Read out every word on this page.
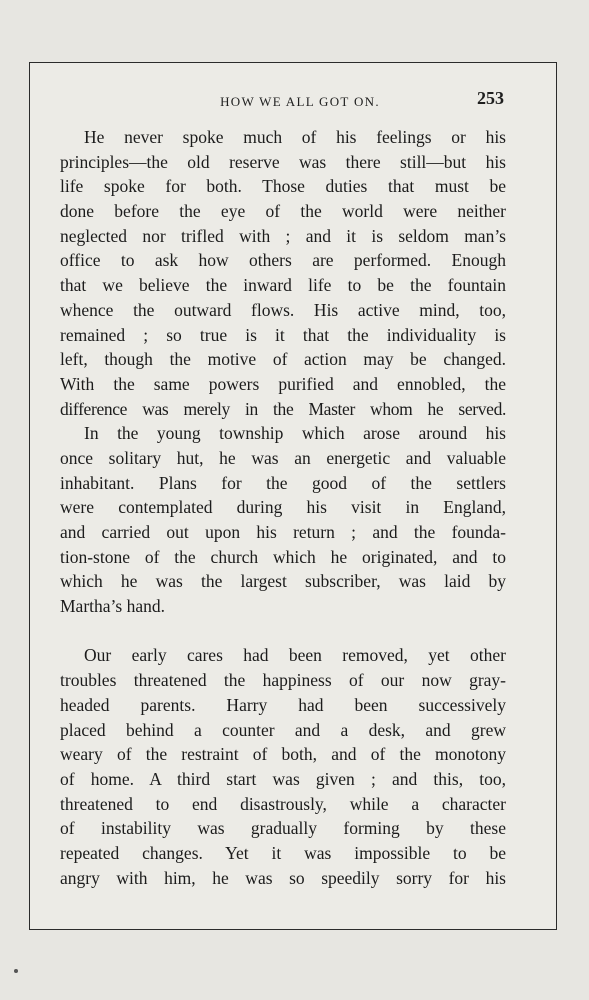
HOW WE ALL GOT ON.	253
He never spoke much of his feelings or his
principles—the old reserve was there still—but his
life spoke for both. Those duties that must be
done before the eye of the world were neither
neglected nor trifled with ; and it is seldom man’s
office to ask how others are performed. Enough
that we believe the inward life to be the fountain
whence the outward flows. His active mind, too,
remained ; so true is it that the individuality is
left, though the motive of action may be changed.
With the same powers purified and ennobled, the
difference was merely in the Master whom he served.
In the young township which arose around his
once solitary hut, he was an energetic and valuable
inhabitant. Plans for the good of the settlers
were contemplated during his visit in England,
and carried out upon his return ; and the founda-
tion-stone of the church which he originated, and to
which he was the largest subscriber, was laid by
Martha’s hand.
Our early cares had been removed, yet other
troubles threatened the happiness of our now gray-
headed parents. Harry had been successively
placed behind a counter and a desk, and grew
weary of the restraint of both, and of the monotony
of home. A third start was given ; and this, too,
threatened to end disastrously, while a character
of instability was gradually forming by these
repeated changes. Yet it was impossible to be
angry with him, he was so speedily sorry for his
